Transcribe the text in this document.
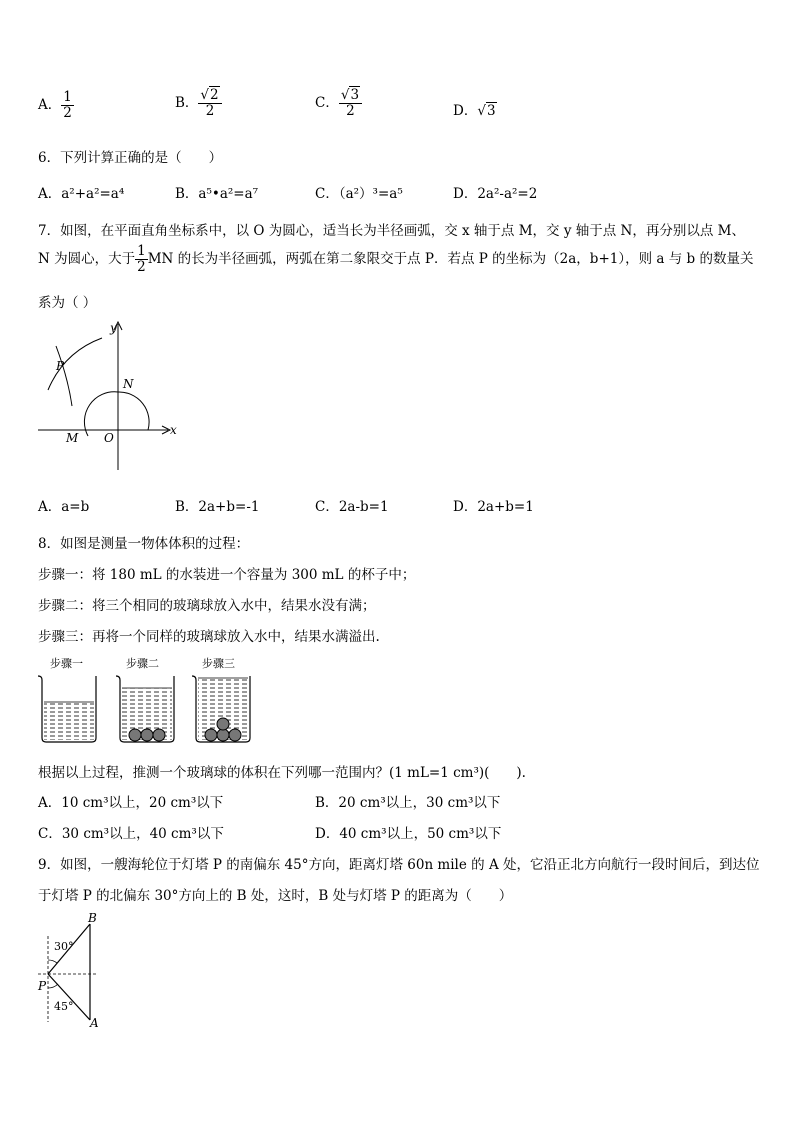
A． $\frac{1}{2}$	B． $\frac{√2}{2}$	C． $\frac{√3}{2}$	D．√3
6．下列计算正确的是（　　）
A．a²+a²=a⁴	B．a⁵•a²=a⁷	C．（a²）³=a⁵	D．2a²-a²=2
7．如图，在平面直角坐标系中，以 O 为圆心，适当长为半径画弧，交 x 轴于点 M，交 y 轴于点 N，再分别以点 M、
N 为圆心，大于 $\frac{1}{2}$ MN 的长为半径画弧，两弧在第二象限交于点 P．若点 P 的坐标为（2a，b+1），则 a 与 b 的数量关
系为（ ）
y
x
P
N
M O
A．a=b	B．2a+b=-1	C．2a-b=1	D．2a+b=1
8．如图是测量一物体体积的过程：
步骤一：将 180 mL 的水装进一个容量为 300 mL 的杯子中；
步骤二：将三个相同的玻璃球放入水中，结果水没有满；
步骤三：再将一个同样的玻璃球放入水中，结果水满溢出.
步骤一	步骤二	步骤三
根据以上过程，推测一个玻璃球的体积在下列哪一范围内？(1 mL=1 cm³)(　　).
A．10 cm³以上，20 cm³以下	B．20 cm³以上，30 cm³以下
C．30 cm³以上，40 cm³以下	D．40 cm³以上，50 cm³以下
9．如图，一艘海轮位于灯塔 P 的南偏东 45°方向，距离灯塔 60n mile 的 A 处，它沿正北方向航行一段时间后，到达位
于灯塔 P 的北偏东 30°方向上的 B 处，这时，B 处与灯塔 P 的距离为（　　）
B
A
P
30°
45°
